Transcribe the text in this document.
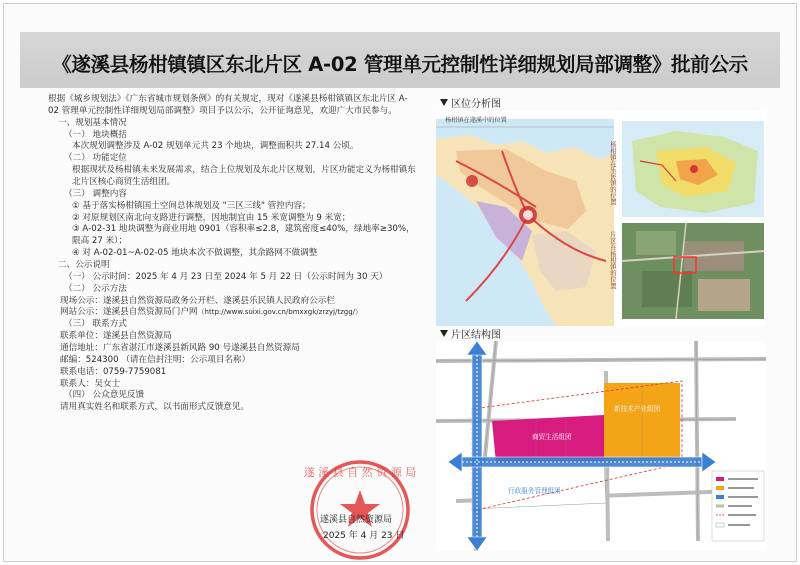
《遂溪县杨柑镇镇区东北片区 A-02 管理单元控制性详细规划局部调整》批前公示

根据《城乡规划法》《广东省城市规划条例》的有关规定，现对《遂溪县杨柑镇镇区东北片区 A-02 管理单元控制性详细规划局部调整》项目予以公示，公开征询意见，欢迎广大市民参与。

一、规划基本情况

（一） 地块概括

本次规划调整涉及 A-02 规划单元共 23 个地块，调整面积共 27.14 公顷。

（二） 功能定位

根据现状及杨柑镇未来发展需求，结合上位规划及东北片区规划，片区功能定义为杨柑镇东北片区核心商贸生活组团。

（三） 调整内容

① 基于落实杨柑镇国土空间总体规划及 "三区三线" 管控内容；

② 对原规划区南北向支路进行调整，因地制宜由 15 米宽调整为 9 米宽；

③ A-02-31 地块调整为商业用地 0901（容积率≤2.8，建筑密度≤40%，绿地率≥30%，限高 27 米）；

④ 对 A-02-01~A-02-05 地块本次不做调整，其余路网不做调整

二、公示说明

（一） 公示时间：2025 年 4 月 23 日至 2024 年 5 月 22 日（公示时间为 30 天）

（二） 公示方法

现场公示：遂溪县自然资源局政务公开栏、遂溪县乐民镇人民政府公示栏

网站公示：遂溪县自然资源局门户网（http://www.suixi.gov.cn/bmxxgk/zrzyj/tzgg/）

（三） 联系方式

联系单位：遂溪县自然资源局

通信地址：广东省湛江市遂溪县新风路 90 号遂溪县自然资源局

邮编：524300 （请在信封注明：公示项目名称）

联系电话：0759-7759081

联系人：吴女士

（四） 公众意见反馈

请用真实姓名和联系方式，以书面形式反馈意见。

遂 溪 县 自 然 资 源 局
遂溪县自然资源局
2025 年 4 月 23 日
区位分析图
杨柑镇在遂溪中的位置
杨柑镇在乐民镇的位置
片区在杨柑镇的位置
片区结构图
新技术产业组团
商贸生活组团
行政服务管理组团
